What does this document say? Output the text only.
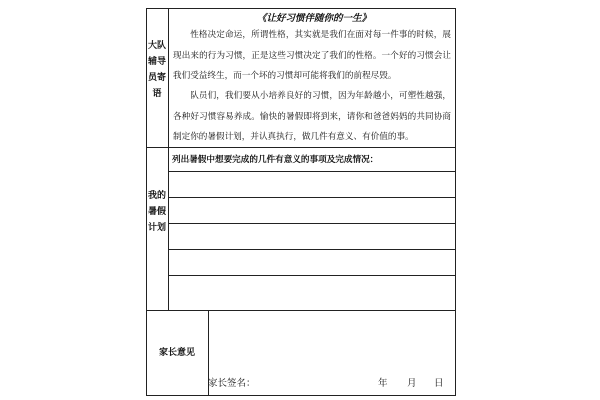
大队
辅导
员寄
语
《让好习惯伴随你的一生》

性格决定命运，所谓性格，其实就是我们在面对每一件事的时候，展现出来的行为习惯，正是这些习惯决定了我们的性格。一个好的习惯会让我们受益终生，而一个坏的习惯却可能将我们的前程尽毁。

队员们，我们要从小培养良好的习惯，因为年龄越小，可塑性越强，各种好习惯容易养成。愉快的暑假即将到来，请你和爸爸妈妈的共同协商制定你的暑假计划，并认真执行，做几件有意义、有价值的事。

我的
暑假
计划
列出暑假中想要完成的几件有意义的事项及完成情况：
家长意见
家长签名：	年 月 日
